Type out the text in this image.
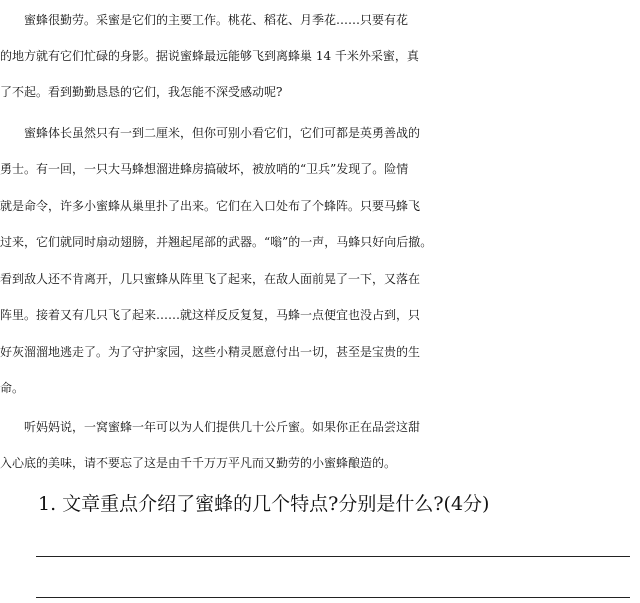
　　蜜蜂很勤劳。采蜜是它们的主要工作。桃花、稻花、月季花……只要有花
的地方就有它们忙碌的身影。据说蜜蜂最远能够飞到离蜂巢 14 千米外采蜜，真
了不起。看到勤勤恳恳的它们，我怎能不深受感动呢?
　　蜜蜂体长虽然只有一到二厘米，但你可别小看它们，它们可都是英勇善战的
勇士。有一回，一只大马蜂想溜进蜂房搞破坏，被放哨的“卫兵”发现了。险情
就是命令，许多小蜜蜂从巢里扑了出来。它们在入口处布了个蜂阵。只要马蜂飞
过来，它们就同时扇动翅膀，并翘起尾部的武器。“嗡”的一声，马蜂只好向后撤。
看到敌人还不肯离开，几只蜜蜂从阵里飞了起来，在敌人面前晃了一下，又落在
阵里。接着又有几只飞了起来……就这样反反复复，马蜂一点便宜也没占到，只
好灰溜溜地逃走了。为了守护家园，这些小精灵愿意付出一切，甚至是宝贵的生
命。
　　听妈妈说，一窝蜜蜂一年可以为人们提供几十公斤蜜。如果你正在品尝这甜
入心底的美味，请不要忘了这是由千千万万平凡而又勤劳的小蜜蜂酿造的。
　　1. 文章重点介绍了蜜蜂的几个特点?分别是什么?(4分)
